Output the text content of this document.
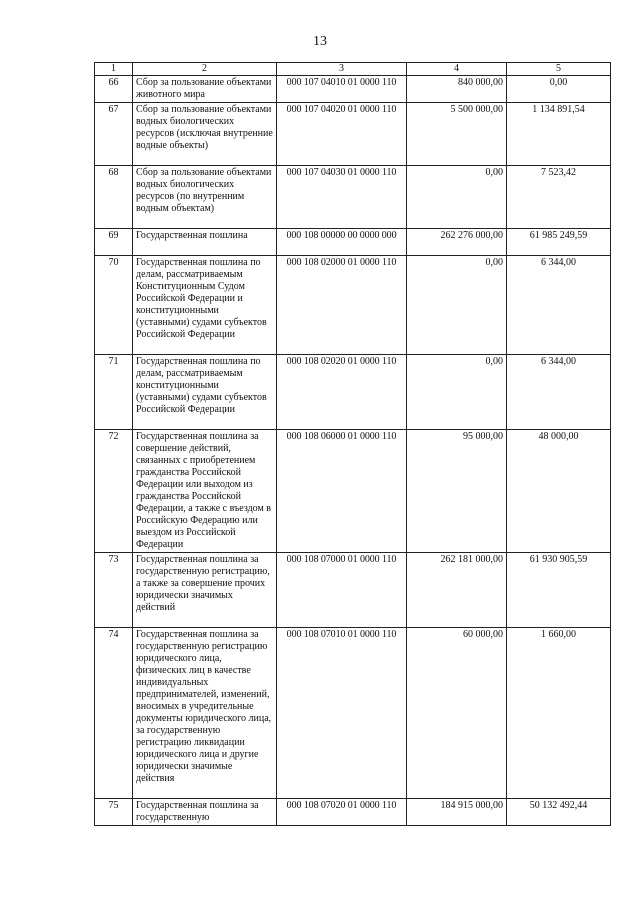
13
1	2	3	4	5
66	Сбор за пользование объектами животного мира	000 107 04010 01 0000 110	840 000,00	0,00
67	Сбор за пользование объектами водных биологических ресурсов (исключая внутренние водные объекты)	000 107 04020 01 0000 110	5 500 000,00	1 134 891,54
68	Сбор за пользование объектами водных биологических ресурсов (по внутренним водным объектам)	000 107 04030 01 0000 110	0,00	7 523,42
69	Государственная пошлина	000 108 00000 00 0000 000	262 276 000,00	61 985 249,59
70	Государственная пошлина по делам, рассматриваемым Конституционным Судом Российской Федерации и конституционными (уставными) судами субъектов Российской Федерации	000 108 02000 01 0000 110	0,00	6 344,00
71	Государственная пошлина по делам, рассматриваемым конституционными (уставными) судами субъектов Российской Федерации	000 108 02020 01 0000 110	0,00	6 344,00
72	Государственная пошлина за совершение действий, связанных с приобретением гражданства Российской Федерации или выходом из гражданства Российской Федерации, а также с въездом в Российскую Федерацию или выездом из Российской Федерации	000 108 06000 01 0000 110	95 000,00	48 000,00
73	Государственная пошлина за государственную регистрацию, а также за совершение прочих юридически значимых действий	000 108 07000 01 0000 110	262 181 000,00	61 930 905,59
74	Государственная пошлина за государственную регистрацию юридического лица, физических лиц в качестве индивидуальных предпринимателей, изменений, вносимых в учредительные документы юридического лица, за государственную регистрацию ликвидации юридического лица и другие юридически значимые действия	000 108 07010 01 0000 110	60 000,00	1 660,00
75	Государственная пошлина за государственную	000 108 07020 01 0000 110	184 915 000,00	50 132 492,44
